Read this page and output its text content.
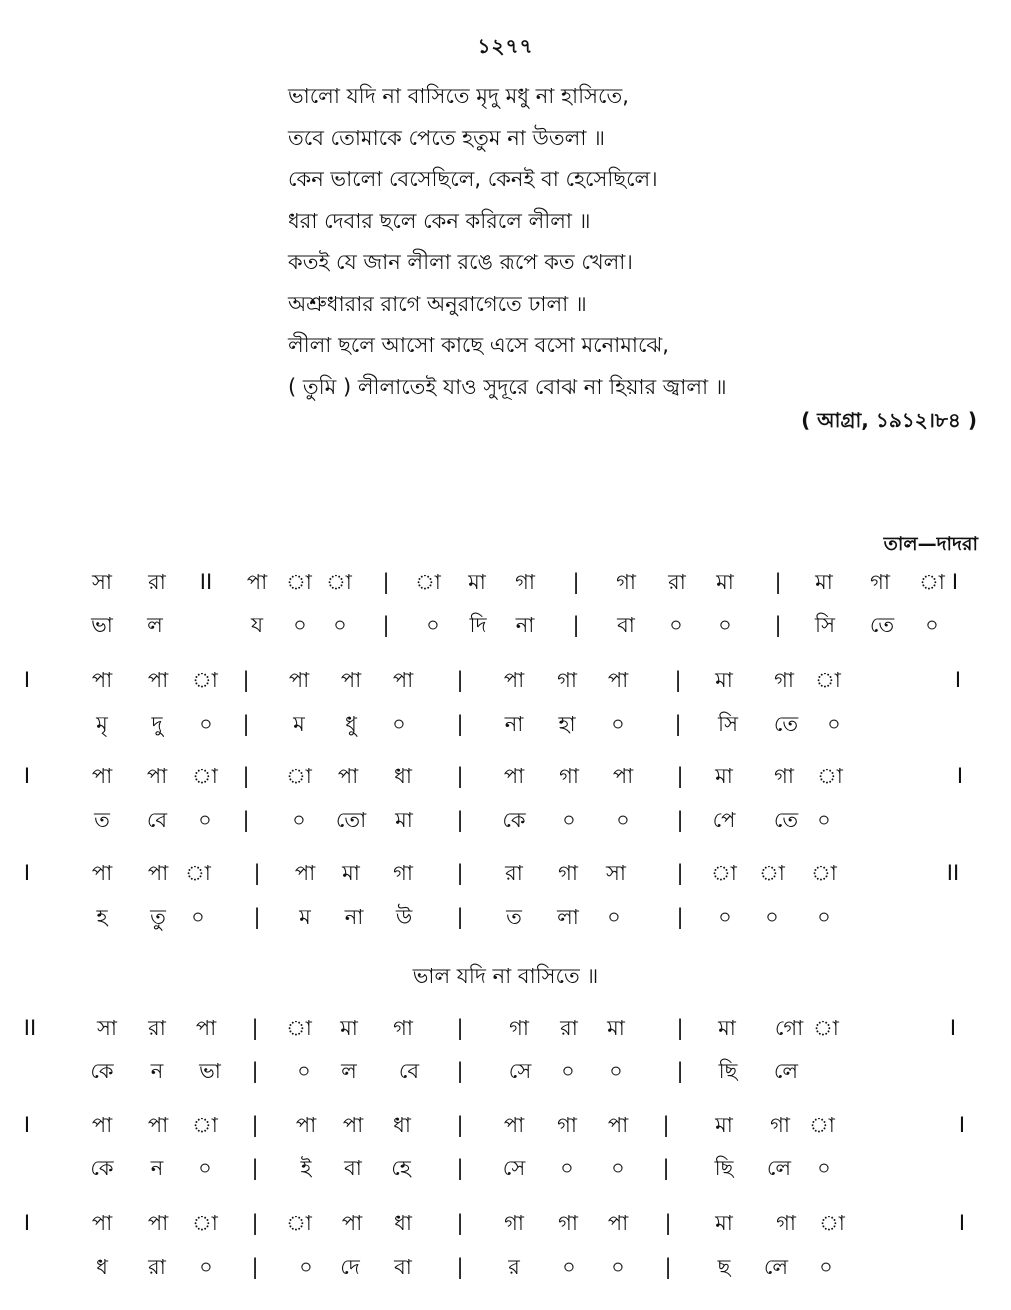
১২৭৭
ভালো যদি না বাসিতে মৃদু মধু না হাসিতে,
তবে তোমাকে পেতে হতুম না উতলা ॥
কেন ভালো বেসেছিলে, কেনই বা হেসেছিলে।
ধরা দেবার ছলে কেন করিলে লীলা ॥
কতই যে জান লীলা রঙে রূপে কত খেলা।
অশ্রুধারার রাগে অনুরাগেতে ঢালা ॥
লীলা ছলে আসো কাছে এসে বসো মনোমাঝে,
( তুমি ) লীলাতেই যাও সুদূরে বোঝ না হিয়ার জ্বালা ॥
( আগ্রা, ১৯১২।৮৪ )
তাল—দাদরা
সা রা II পা া া | া মা গা | গা রা মা | মা গা া I
ভা ল	য ০ ০ | ০ দি না | বা ০ ০ | সি তে ০
I	পা পা া | পা পা পা | পা গা পা | মা গা া	I
মৃ দু ০ | ম ধু ০ | না হা ০ | সি তে ০
I	পা পা া | া পা ধা | পা গা পা | মা গা া	I
ত বে ০ | ০ তো মা | কে ০ ০ | পে তে ০
I	পা পা া | পা মা গা | রা গা সা | া া া	II
হ তু ০ | ম না উ | ত লা ০	| ০ ০ ০
II	সা রা পা | া মা গা | গা রা মা | মা গো া	I
কে ন ভা | ০ ল বে | সে ০ ০	| ছি লে
I	পা পা া | পা পা ধা | পা গা পা | মা গা া	I
কে ন ০ | ই বা হে | সে ০ ০ | ছি লে ০
I	পা পা া | া পা ধা | গা গা পা | মা গা া	I
ধ রা ০ | ০ দে বা | র ০ ০ | ছ লে ০
ভাল যদি না বাসিতে ॥
